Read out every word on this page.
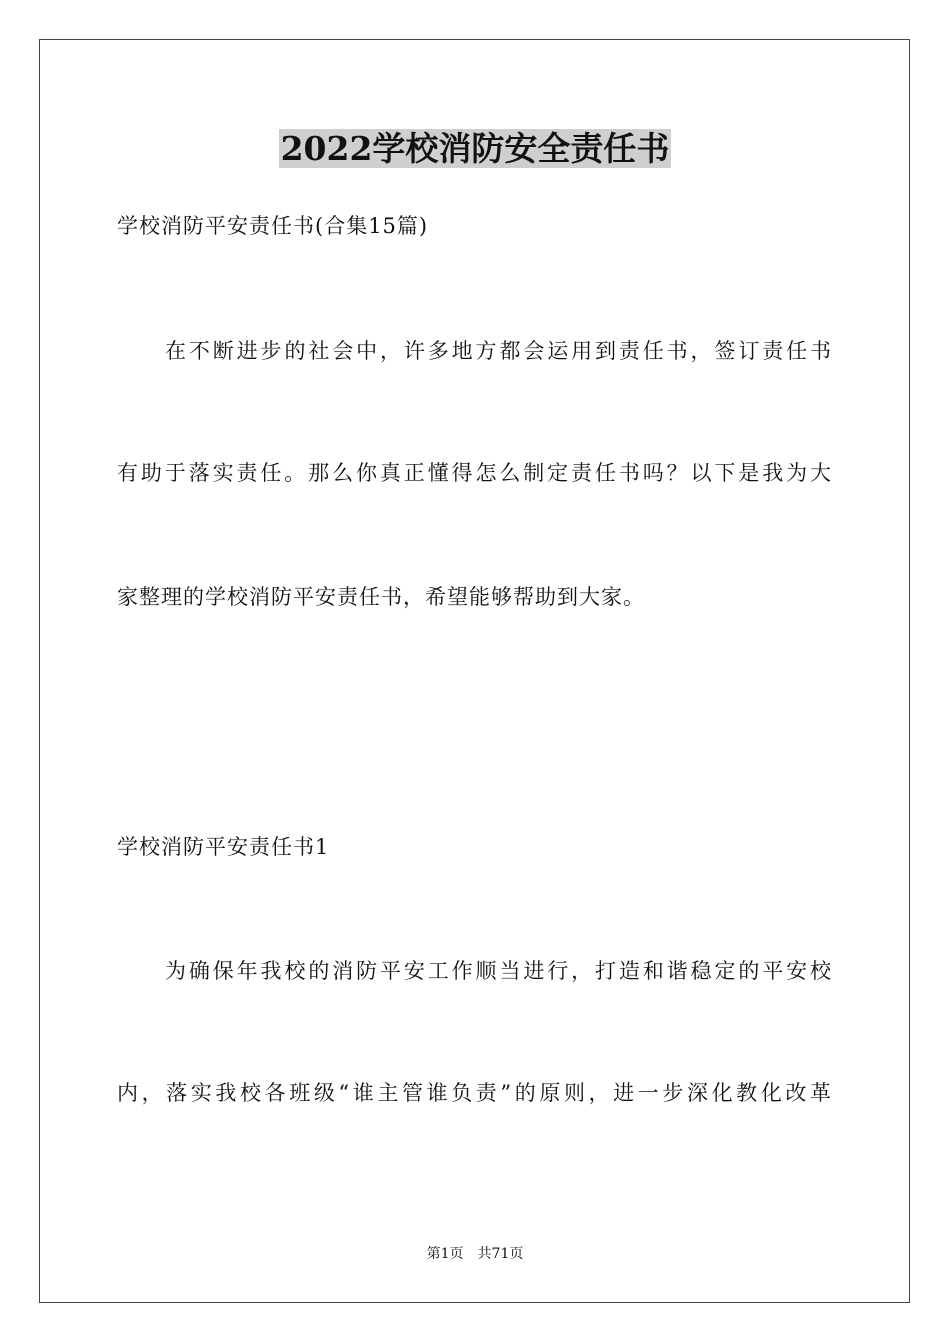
2022学校消防安全责任书
学校消防平安责任书(合集15篇)
在不断进步的社会中，许多地方都会运用到责任书，签订责任书
有助于落实责任。那么你真正懂得怎么制定责任书吗？以下是我为大
家整理的学校消防平安责任书，希望能够帮助到大家。
学校消防平安责任书1
为确保年我校的消防平安工作顺当进行，打造和谐稳定的平安校
内，落实我校各班级“谁主管谁负责”的原则，进一步深化教化改革
第1页　共71页
